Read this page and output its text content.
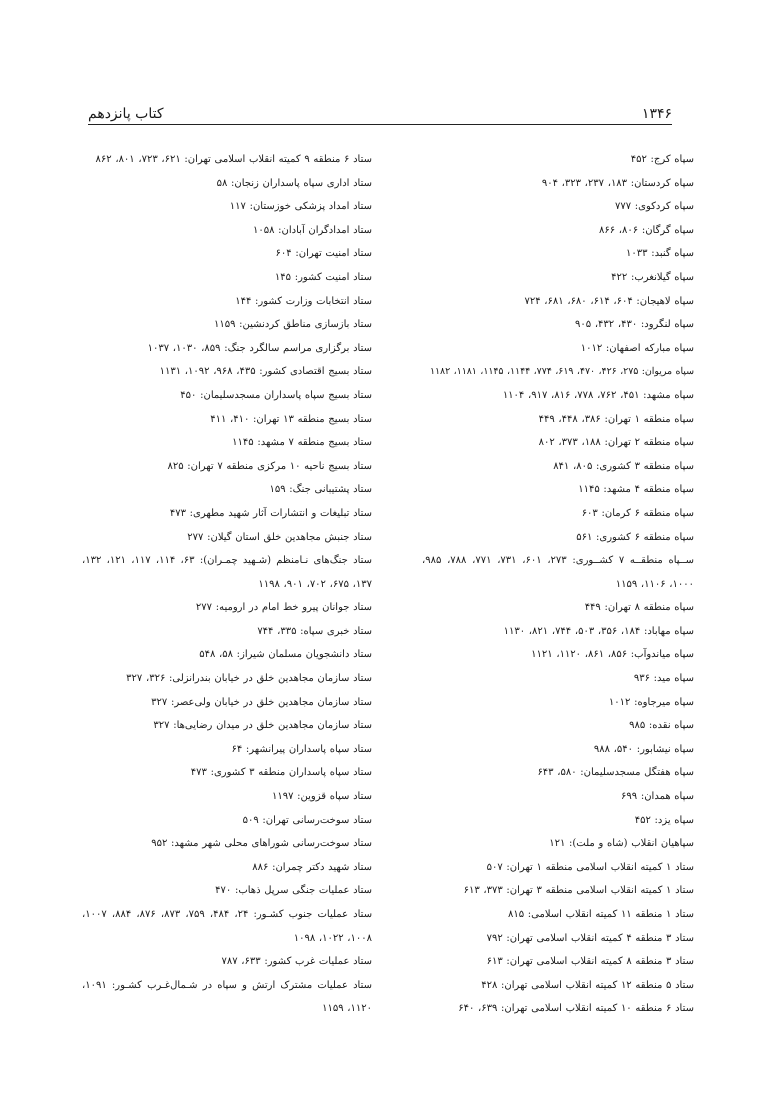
۱۳۴۶
کتاب پانزدهم
سپاه کرج: ۴۵۲
سپاه کردستان: ۱۸۳، ۲۳۷، ۳۲۳، ۹۰۴
سپاه کردکوی: ۷۷۷
سپاه گرگان: ۸۰۶، ۸۶۶
سپاه گنبد: ۱۰۳۳
سپاه گیلانغرب: ۴۲۲
سپاه لاهیجان: ۶۰۴، ۶۱۴، ۶۸۰، ۶۸۱، ۷۲۴
سپاه لنگرود: ۴۳۰، ۴۳۲، ۹۰۵
سپاه مبارکه اصفهان: ۱۰۱۲
سپاه مریوان: ۲۷۵، ۴۲۶، ۴۷۰، ۶۱۹، ۷۷۴، ۱۱۴۴، ۱۱۴۵، ۱۱۸۱، ۱۱۸۲
سپاه مشهد: ۴۵۱، ۷۶۲، ۷۷۸، ۸۱۶، ۹۱۷، ۱۱۰۴
سپاه منطقه ۱ تهران: ۳۸۶، ۴۴۸، ۴۴۹
سپاه منطقه ۲ تهران: ۱۸۸، ۳۷۳، ۸۰۲
سپاه منطقه ۳ کشوری: ۸۰۵، ۸۴۱
سپاه منطقه ۴ مشهد: ۱۱۴۵
سپاه منطقه ۶ کرمان: ۶۰۳
سپاه منطقه ۶ کشوری: ۵۶۱
ســپاه منطقــه ۷ کشــوری: ۲۷۳، ۶۰۱، ۷۳۱، ۷۷۱، ۷۸۸، ۹۸۵، ۱۰۰۰، ۱۱۰۶، ۱۱۵۹
سپاه منطقه ۸ تهران: ۴۴۹
سپاه مهاباد: ۱۸۴، ۳۵۶، ۵۰۳، ۷۴۴، ۸۲۱، ۱۱۳۰
سپاه میاندوآب: ۸۵۶، ۸۶۱، ۱۱۲۰، ۱۱۲۱
سپاه مید: ۹۳۶
سپاه میرجاوه: ۱۰۱۲
سپاه نقده: ۹۸۵
سپاه نیشابور: ۵۴۰، ۹۸۸
سپاه هفتگل مسجدسلیمان: ۵۸۰، ۶۴۳
سپاه همدان: ۶۹۹
سپاه یزد: ۴۵۲
سپاهیان انقلاب (شاه و ملت): ۱۲۱
ستاد ۱ کمیته انقلاب اسلامی منطقه ۱ تهران: ۵۰۷
ستاد ۱ کمیته انقلاب اسلامی منطقه ۳ تهران: ۳۷۳، ۶۱۳
ستاد ۱ منطقه ۱۱ کمیته انقلاب اسلامی: ۸۱۵
ستاد ۳ منطقه ۴ کمیته انقلاب اسلامی تهران: ۷۹۲
ستاد ۳ منطقه ۸ کمیته انقلاب اسلامی تهران: ۶۱۳
ستاد ۵ منطقه ۱۲ کمیته انقلاب اسلامی تهران: ۴۲۸
ستاد ۶ منطقه ۱۰ کمیته انقلاب اسلامی تهران: ۶۳۹، ۶۴۰
ستاد ۶ منطقه ۹ کمیته انقلاب اسلامی تهران: ۶۲۱، ۷۲۳، ۸۰۱، ۸۶۲
ستاد اداری سپاه پاسداران زنجان: ۵۸
ستاد امداد پزشکی خوزستان: ۱۱۷
ستاد امدادگران آبادان: ۱۰۵۸
ستاد امنیت تهران: ۶۰۴
ستاد امنیت کشور: ۱۴۵
ستاد انتخابات وزارت کشور: ۱۴۴
ستاد بازسازی مناطق کردنشین: ۱۱۵۹
ستاد برگزاری مراسم سالگرد جنگ: ۸۵۹، ۱۰۳۰، ۱۰۳۷
ستاد بسیج اقتصادی کشور: ۴۳۵، ۹۶۸، ۱۰۹۲، ۱۱۳۱
ستاد بسیج سپاه پاسداران مسجدسلیمان: ۴۵۰
ستاد بسیج منطقه ۱۳ تهران: ۴۱۰، ۴۱۱
ستاد بسیج منطقه ۷ مشهد: ۱۱۴۵
ستاد بسیج ناحیه ۱۰ مرکزی منطقه ۷ تهران: ۸۲۵
ستاد پشتیبانی جنگ: ۱۵۹
ستاد تبلیغات و انتشارات آثار شهید مطهری: ۴۷۳
ستاد جنبش مجاهدین خلق استان گیلان: ۲۷۷
ستاد جنگ‌های نـامنظم (شـهید چمـران): ۶۳، ۱۱۴، ۱۱۷، ۱۲۱، ۱۳۲، ۱۳۷، ۶۷۵، ۷۰۲، ۹۰۱، ۱۱۹۸
ستاد جوانان پیرو خط امام در ارومیه: ۲۷۷
ستاد خبری سپاه: ۳۳۵، ۷۴۴
ستاد دانشجویان مسلمان شیراز: ۵۸، ۵۴۸
ستاد سازمان مجاهدین خلق در خیابان بندرانزلی: ۳۲۶، ۳۲۷
ستاد سازمان مجاهدین خلق در خیابان ولی‌عصر: ۳۲۷
ستاد سازمان مجاهدین خلق در میدان رضایی‌ها: ۳۲۷
ستاد سپاه پاسداران پیرانشهر: ۶۴
ستاد سپاه پاسداران منطقه ۳ کشوری: ۴۷۳
ستاد سپاه قزوین: ۱۱۹۷
ستاد سوخت‌رسانی تهران: ۵۰۹
ستاد سوخت‌رسانی شوراهای محلی شهر مشهد: ۹۵۲
ستاد شهید دکتر چمران: ۸۸۶
ستاد عملیات جنگی سرپل ذهاب: ۴۷۰
ستاد عملیات جنوب کشـور: ۲۴، ۴۸۴، ۷۵۹، ۸۷۳، ۸۷۶، ۸۸۴، ۱۰۰۷، ۱۰۰۸، ۱۰۲۲، ۱۰۹۸
ستاد عملیات غرب کشور: ۶۳۳، ۷۸۷
ستاد عملیات مشترک ارتش و سپاه در شـمال‌غـرب کشـور: ۱۰۹۱، ۱۱۲۰، ۱۱۵۹
